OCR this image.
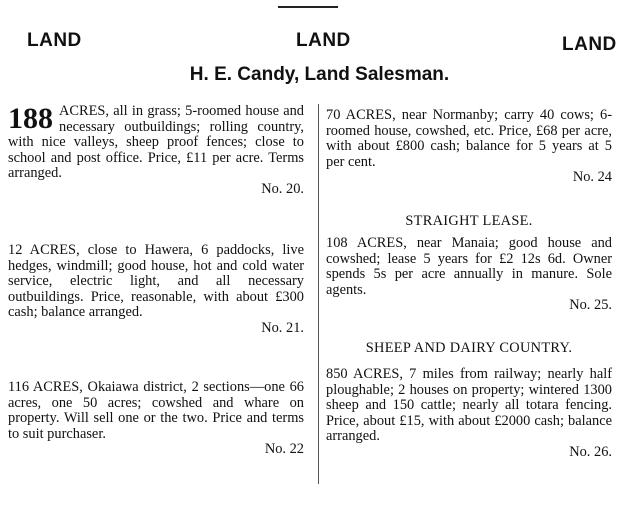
LAND	LAND	LAND
H. E. Candy, Land Salesman.

188 ACRES, all in grass; 5-roomed house and necessary outbuildings; rolling country, with nice valleys, sheep proof fences; close to school and post office. Price, £11 per acre. Terms arranged.
No. 20.

12 ACRES, close to Hawera, 6 paddocks, live hedges, windmill; good house, hot and cold water service, electric light, and all necessary outbuildings. Price, reasonable, with about £300 cash; balance arranged.
No. 21.

116 ACRES, Okaiawa district, 2 sections—one 66 acres, one 50 acres; cowshed and whare on property. Will sell one or the two. Price and terms to suit purchaser.
No. 22

70 ACRES, near Normanby; carry 40 cows; 6-roomed house, cowshed, etc. Price, £68 per acre, with about £800 cash; balance for 5 years at 5 per cent.
No. 24

STRAIGHT LEASE.

108 ACRES, near Manaia; good house and cowshed; lease 5 years for £2 12s 6d. Owner spends 5s per acre annually in manure. Sole agents.
No. 25.

SHEEP AND DAIRY COUNTRY.

850 ACRES, 7 miles from railway; nearly half ploughable; 2 houses on property; wintered 1300 sheep and 150 cattle; nearly all totara fencing. Price, about £15, with about £2000 cash; balance arranged.
No. 26.
